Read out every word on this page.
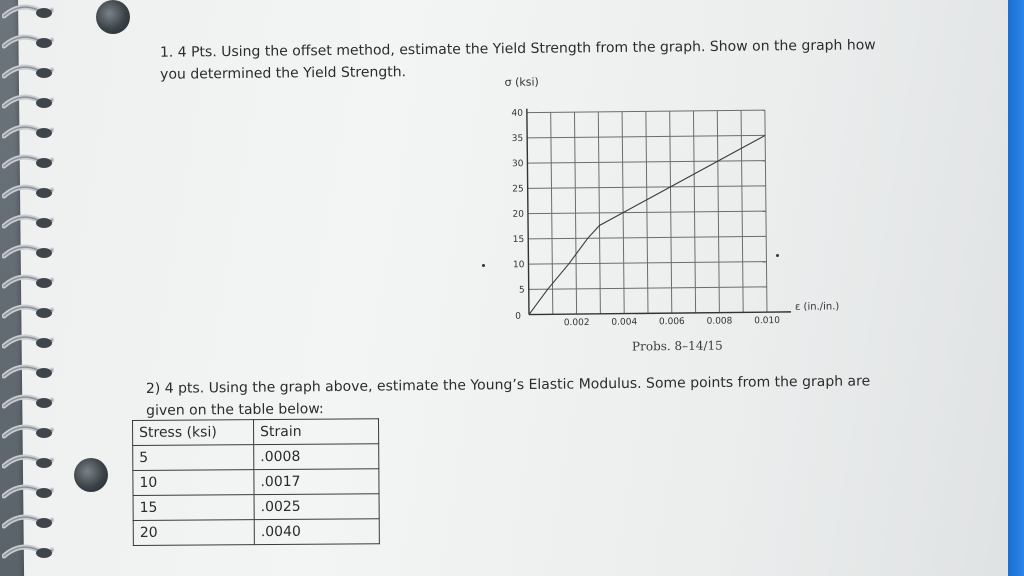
1. 4 Pts. Using the offset method, estimate the Yield Strength from the graph. Show on the graph how
you determined the Yield Strength.	σ (ksi)
5
10
15
20
25
30
35
40
0
0.002 0.004 0.006 0.008 0.010
ε (in./in.)
Probs. 8–14/15
2) 4 pts. Using the graph above, estimate the Young’s Elastic Modulus. Some points from the graph are
given on the table below:
Stress (ksi)	Strain
5	.0008
10	.0017
15	.0025
20	.0040
